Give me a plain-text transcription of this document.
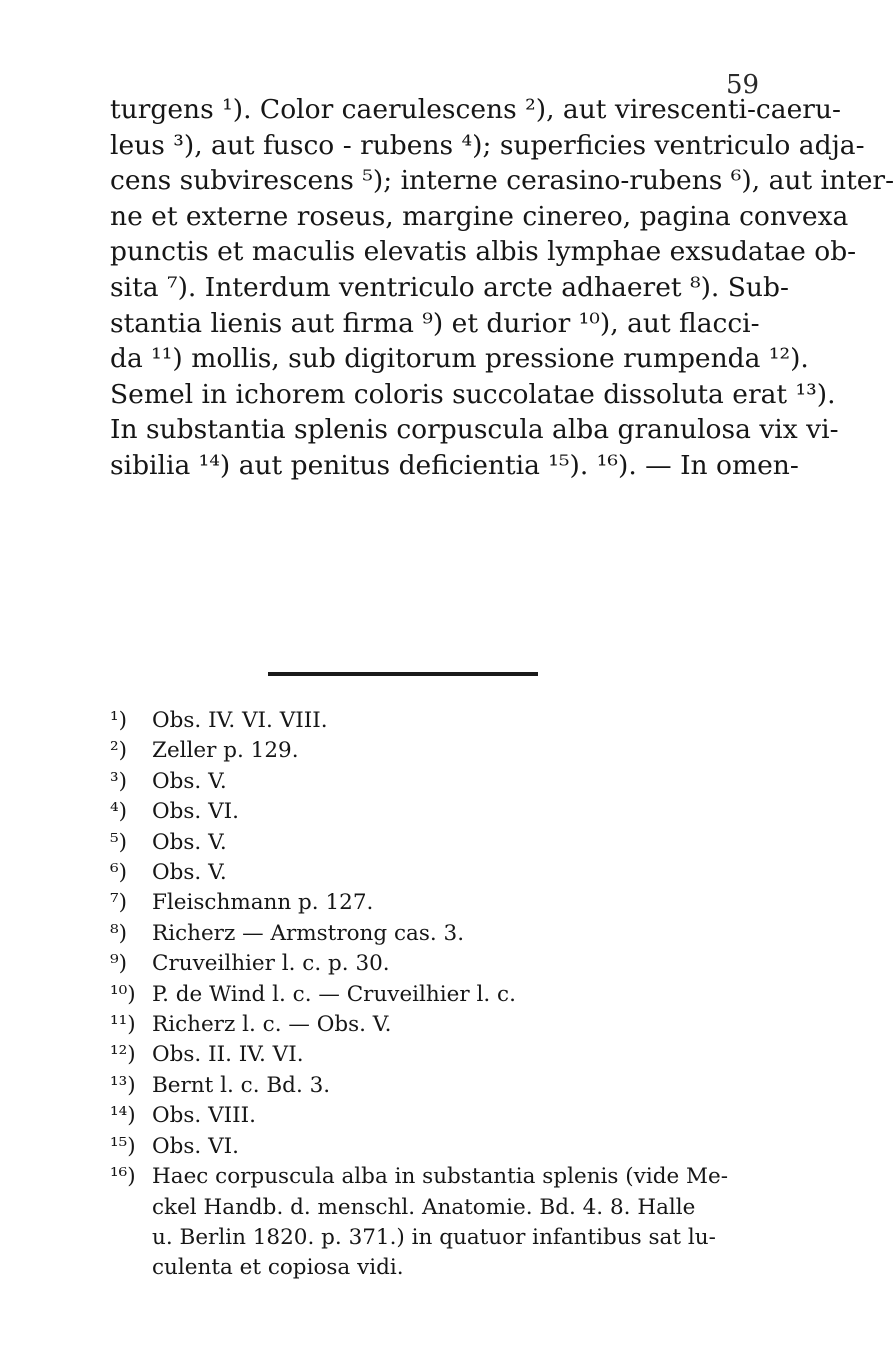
59
turgens ¹). Color caerulescens ²), aut virescenti-caeru-
leus ³), aut fusco - rubens ⁴); superficies ventriculo adja-
cens subvirescens ⁵); interne cerasino-rubens ⁶), aut inter-
ne et externe roseus, margine cinereo, pagina convexa
punctis et maculis elevatis albis lymphae exsudatae ob-
sita ⁷). Interdum ventriculo arcte adhaeret ⁸). Sub-
stantia lienis aut firma ⁹) et durior ¹⁰), aut flacci-
da ¹¹) mollis, sub digitorum pressione rumpenda ¹²).
Semel in ichorem coloris succolatae dissoluta erat ¹³).
In substantia splenis corpuscula alba granulosa vix vi-
sibilia ¹⁴) aut penitus deficientia ¹⁵). ¹⁶). — In omen-
¹) Obs. IV. VI. VIII.
²) Zeller p. 129.
³) Obs. V.
⁴) Obs. VI.
⁵) Obs. V.
⁶) Obs. V.
⁷) Fleischmann p. 127.
⁸) Richerz — Armstrong cas. 3.
⁹) Cruveilhier l. c. p. 30.
¹⁰) P. de Wind l. c. — Cruveilhier l. c.
¹¹) Richerz l. c. — Obs. V.
¹²) Obs. II. IV. VI.
¹³) Bernt l. c. Bd. 3.
¹⁴) Obs. VIII.
¹⁵) Obs. VI.
¹⁶) Haec corpuscula alba in substantia splenis (vide Me-
ckel Handb. d. menschl. Anatomie. Bd. 4. 8. Halle
u. Berlin 1820. p. 371.) in quatuor infantibus sat lu-
culenta et copiosa vidi.
